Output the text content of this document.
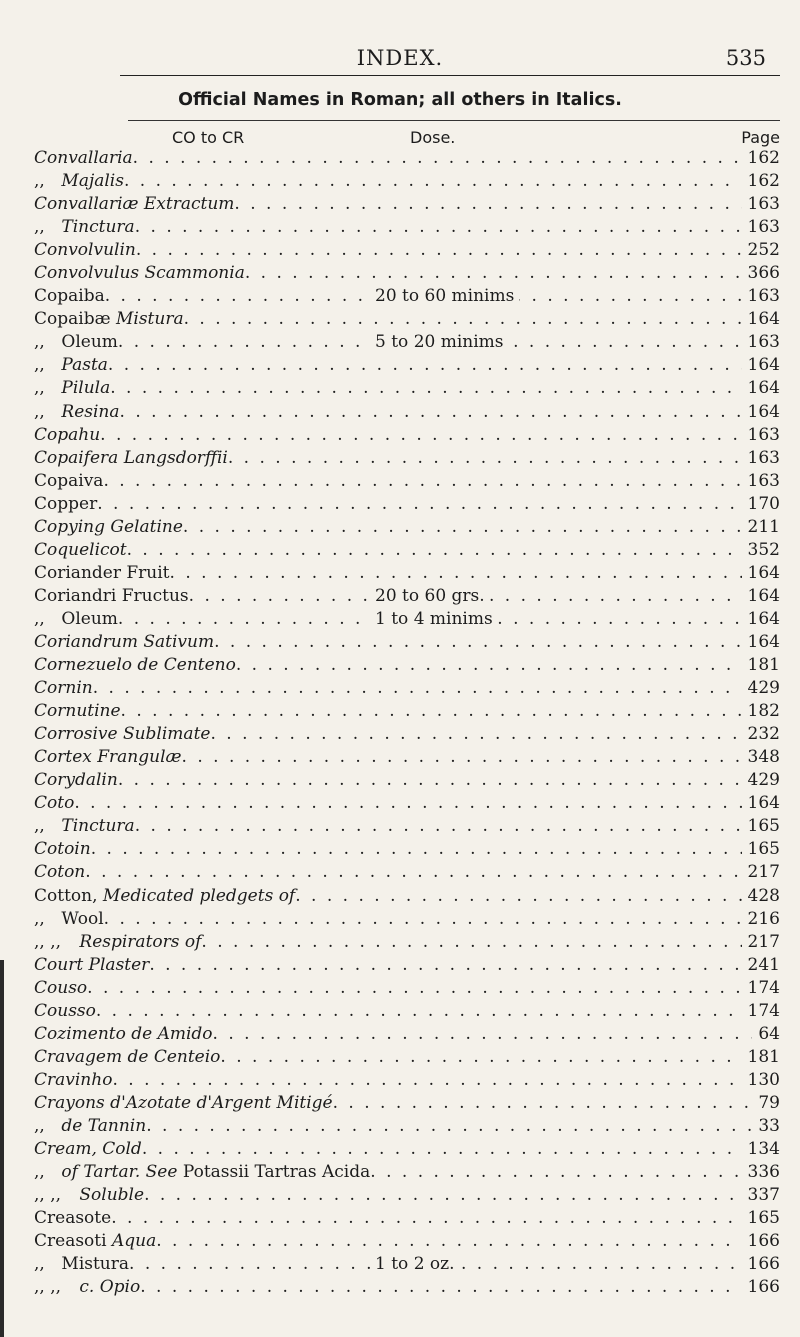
INDEX.	535
Official Names in Roman; all others in Italics.
CO to CR	Dose.	Page
Convallaria . . .	162
,, Majalis . . .	162
Convallariæ Extractum . . .	163
,, Tinctura . . .	163
Convolvulin . . .	252
Convolvulus Scammonia . . .	366
Copaiba . . .	20 to 60 minims	163
Copaibæ Mistura . . .	164
,, Oleum . . .	5 to 20 minims	163
,, Pasta . . .	164
,, Pilula . . .	164
,, Resina . . .	164
Copahu . . .	163
Copaifera Langsdorffii . . .	163
Copaiva . . .	163
Copper . . .	170
Copying Gelatine . . .	211
Coquelicot . . .	352
Coriander Fruit . . .	164
Coriandri Fructus . . .	20 to 60 grs.	164
,, Oleum . . .	1 to 4 minims	164
Coriandrum Sativum . . .	164
Cornezuelo de Centeno . . .	181
Cornin . . .	429
Cornutine . . .	182
Corrosive Sublimate . . .	232
Cortex Frangulæ . . .	348
Corydalin . . .	429
Coto . . .	164
,, Tinctura . . .	165
Cotoin . . .	165
Coton . . .	217
Cotton, Medicated pledgets of . . .	428
,, Wool . . .	216
,, ,, Respirators of . . .	217
Court Plaster . . .	241
Couso . . .	174
Cousso . . .	174
Cozimento de Amido . . .	64
Cravagem de Centeio . . .	181
Cravinho . . .	130
Crayons d'Azotate d'Argent Mitigé . . .	79
,, de Tannin . . .	33
Cream, Cold . . .	134
,, of Tartar. See Potassii Tartras Acida . . .	336
,, ,, Soluble . . .	337
Creasote . . .	165
Creasoti Aqua . . .	166
,, Mistura . . .	1 to 2 oz.	166
,, ,, c. Opio . . .	166
